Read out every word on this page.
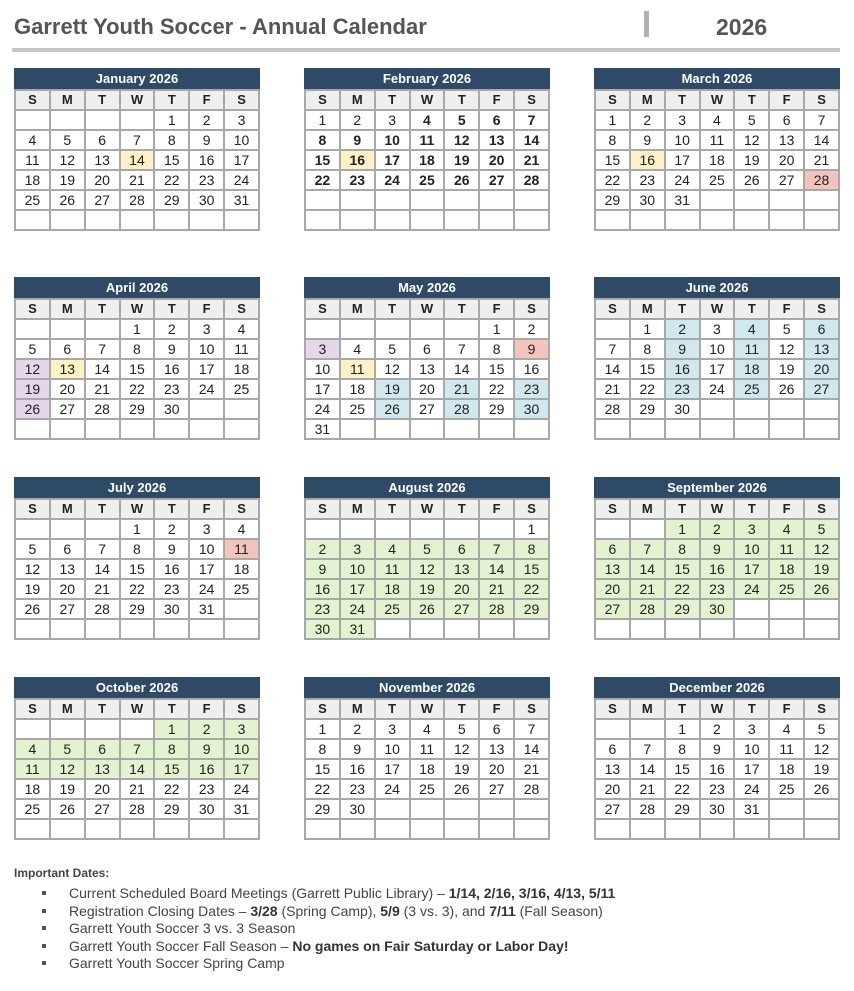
Garrett Youth Soccer - Annual Calendar	2026
January 2026
S	M	T	W	T	F	S
				1	2	3
4	5	6	7	8	9	10
11	12	13	14	15	16	17
18	19	20	21	22	23	24
25	26	27	28	29	30	31

February 2026
S	M	T	W	T	F	S
1	2	3	4	5	6	7
8	9	10	11	12	13	14
15	16	17	18	19	20	21
22	23	24	25	26	27	28

March 2026
S	M	T	W	T	F	S
1	2	3	4	5	6	7
8	9	10	11	12	13	14
15	16	17	18	19	20	21
22	23	24	25	26	27	28
29	30	31				

April 2026
S	M	T	W	T	F	S
			1	2	3	4
5	6	7	8	9	10	11
12	13	14	15	16	17	18
19	20	21	22	23	24	25
26	27	28	29	30		

May 2026
S	M	T	W	T	F	S
					1	2
3	4	5	6	7	8	9
10	11	12	13	14	15	16
17	18	19	20	21	22	23
24	25	26	27	28	29	30
31						
June 2026
S	M	T	W	T	F	S
	1	2	3	4	5	6
7	8	9	10	11	12	13
14	15	16	17	18	19	20
21	22	23	24	25	26	27
28	29	30				

July 2026
S	M	T	W	T	F	S
			1	2	3	4
5	6	7	8	9	10	11
12	13	14	15	16	17	18
19	20	21	22	23	24	25
26	27	28	29	30	31	

August 2026
S	M	T	W	T	F	S
						1
2	3	4	5	6	7	8
9	10	11	12	13	14	15
16	17	18	19	20	21	22
23	24	25	26	27	28	29
30	31					
September 2026
S	M	T	W	T	F	S
		1	2	3	4	5
6	7	8	9	10	11	12
13	14	15	16	17	18	19
20	21	22	23	24	25	26
27	28	29	30			

October 2026
S	M	T	W	T	F	S
				1	2	3
4	5	6	7	8	9	10
11	12	13	14	15	16	17
18	19	20	21	22	23	24
25	26	27	28	29	30	31

November 2026
S	M	T	W	T	F	S
1	2	3	4	5	6	7
8	9	10	11	12	13	14
15	16	17	18	19	20	21
22	23	24	25	26	27	28
29	30					

December 2026
S	M	T	W	T	F	S
		1	2	3	4	5
6	7	8	9	10	11	12
13	14	15	16	17	18	19
20	21	22	23	24	25	26
27	28	29	30	31		

Important Dates:
Current Scheduled Board Meetings (Garrett Public Library) – 1/14, 2/16, 3/16, 4/13, 5/11
Registration Closing Dates – 3/28 (Spring Camp), 5/9 (3 vs. 3), and 7/11 (Fall Season)
Garrett Youth Soccer 3 vs. 3 Season
Garrett Youth Soccer Fall Season – No games on Fair Saturday or Labor Day!
Garrett Youth Soccer Spring Camp
